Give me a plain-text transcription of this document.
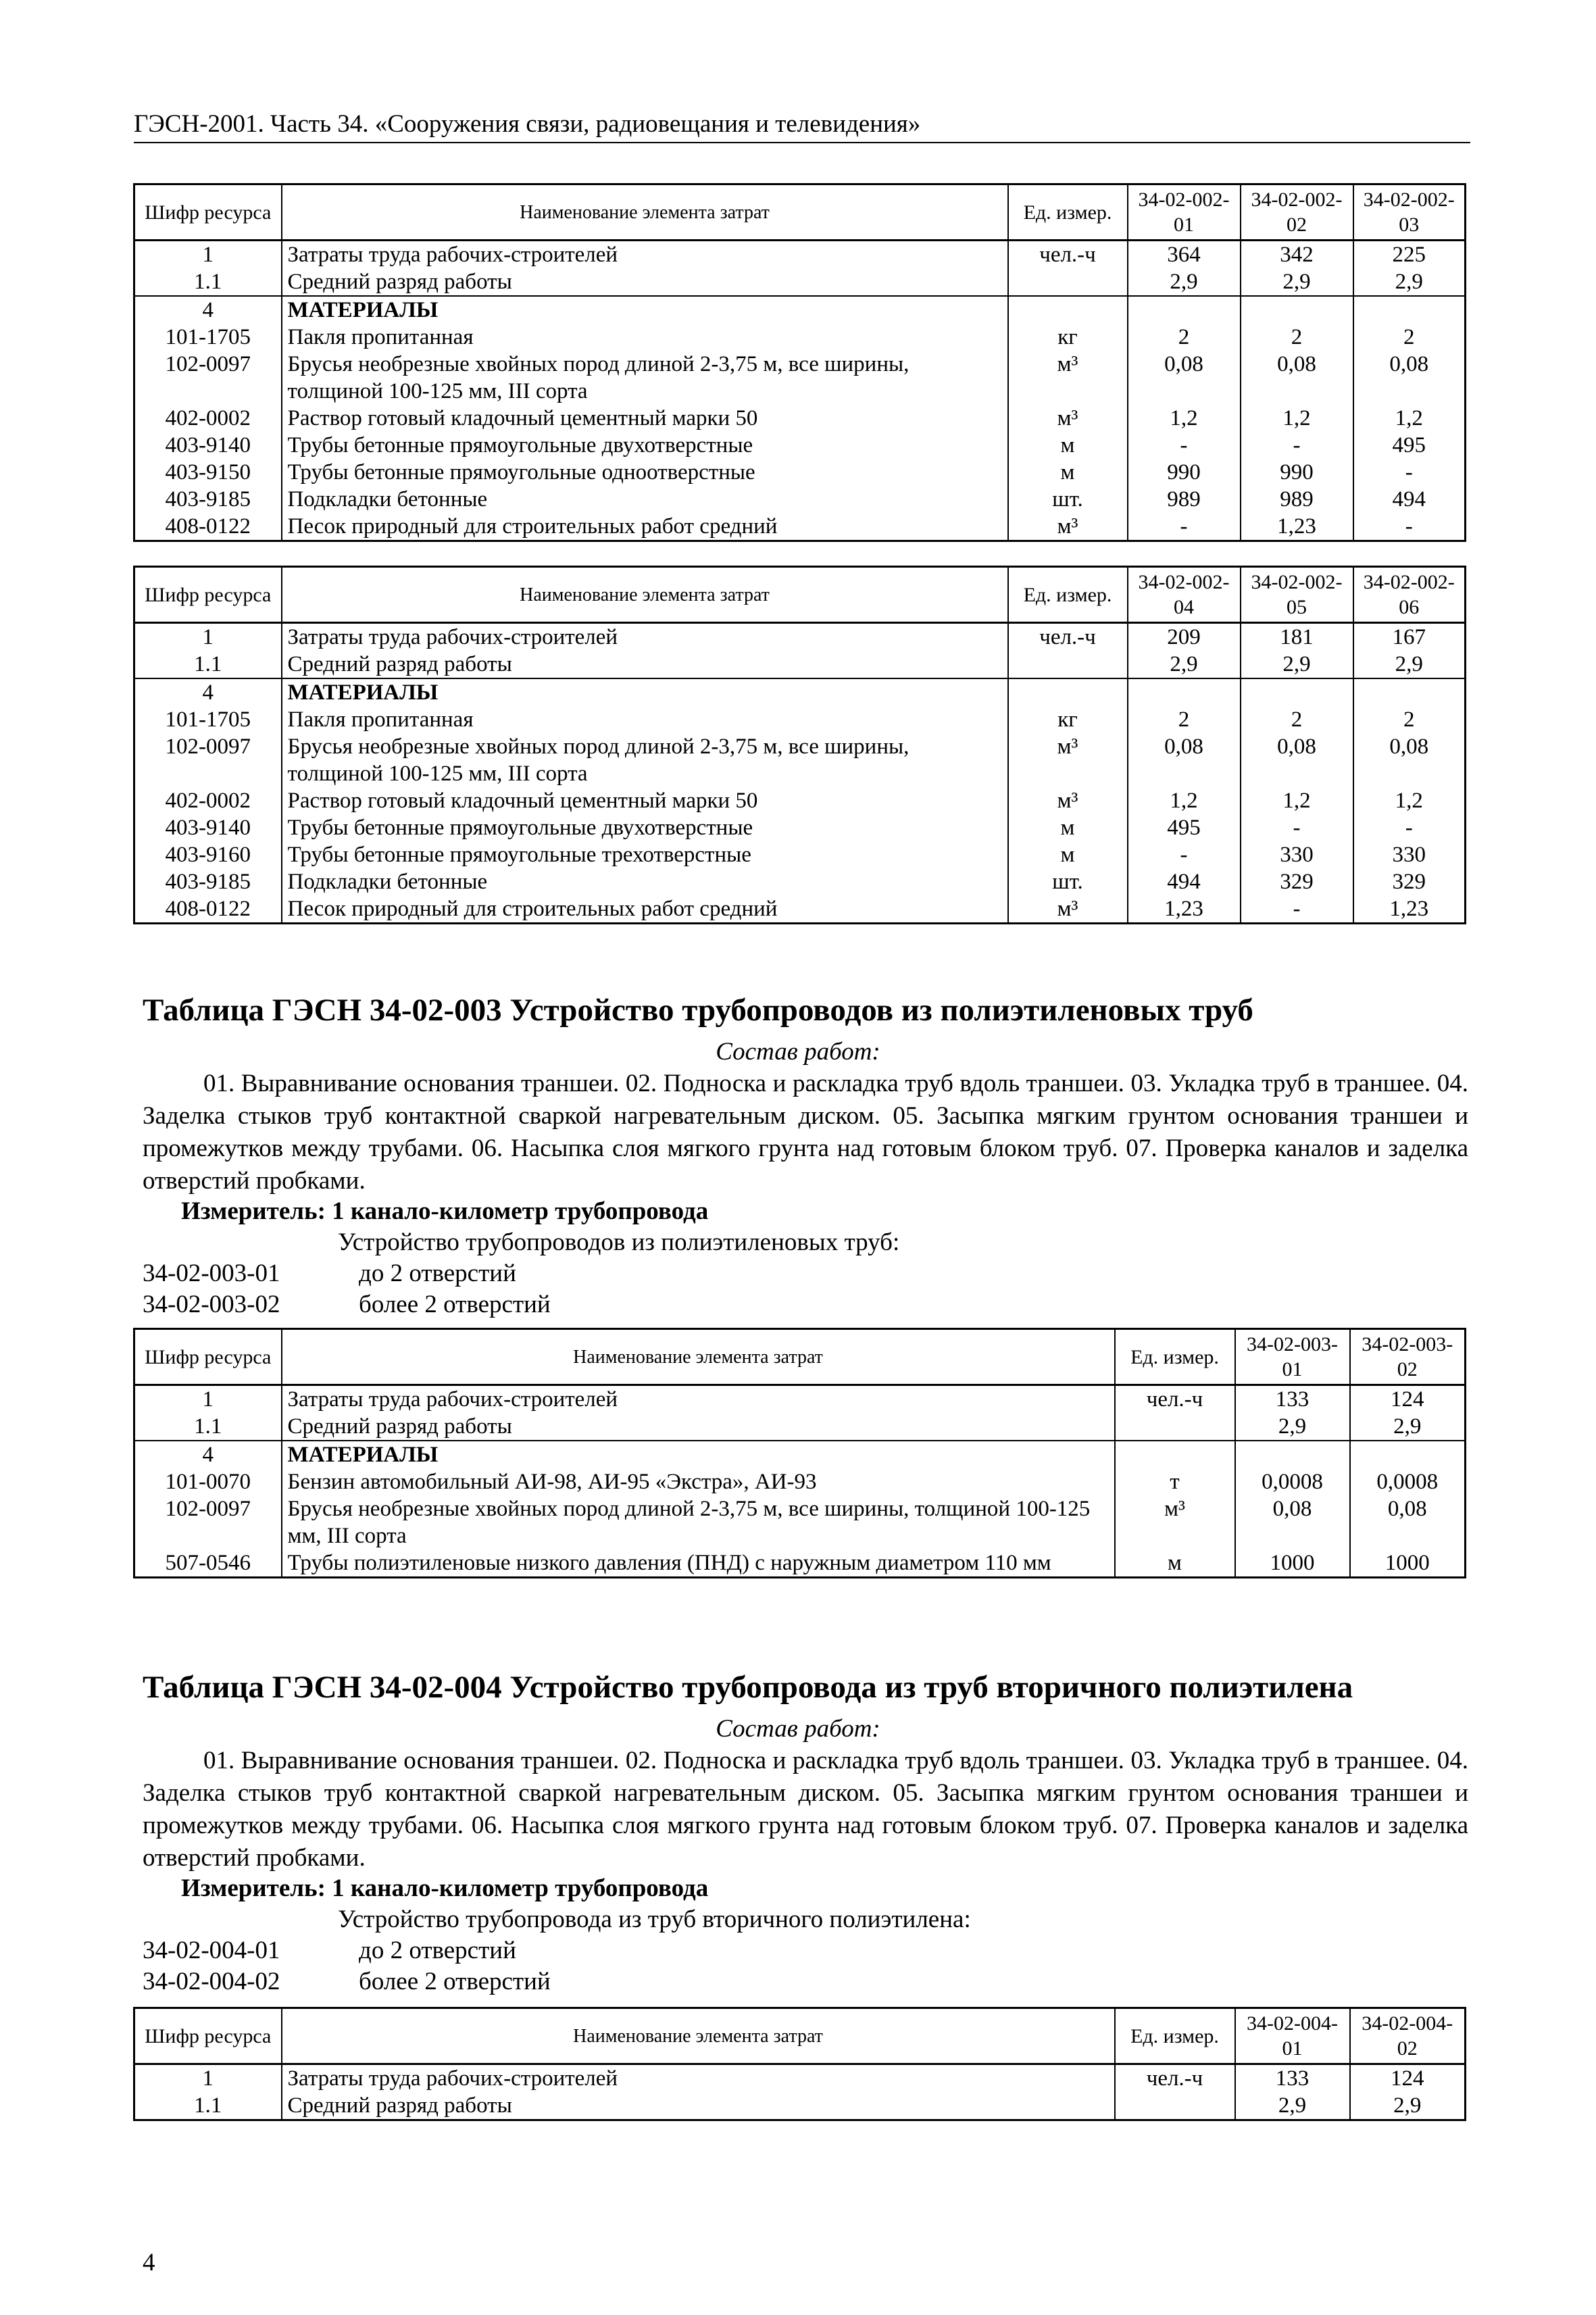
ГЭСН-2001. Часть 34. «Сооружения связи, радиовещания и телевидения»
Шифр ресурса	Наименование элемента затрат	Ед. измер.	34-02-002-01	34-02-002-02	34-02-002-03
1	Затраты труда рабочих-строителей	чел.-ч	364	342	225
1.1	Средний разряд работы		2,9	2,9	2,9
4	МАТЕРИАЛЫ				
101-1705	Пакля пропитанная	кг	2	2	2
102-0097	Брусья необрезные хвойных пород длиной 2-3,75 м, все ширины, толщиной 100-125 мм, III сорта	м³	0,08	0,08	0,08
402-0002	Раствор готовый кладочный цементный марки 50	м³	1,2	1,2	1,2
403-9140	Трубы бетонные прямоугольные двухотверстные	м	-	-	495
403-9150	Трубы бетонные прямоугольные одноотверстные	м	990	990	-
403-9185	Подкладки бетонные	шт.	989	989	494
408-0122	Песок природный для строительных работ средний	м³	-	1,23	-
Шифр ресурса	Наименование элемента затрат	Ед. измер.	34-02-002-04	34-02-002-05	34-02-002-06
1	Затраты труда рабочих-строителей	чел.-ч	209	181	167
1.1	Средний разряд работы		2,9	2,9	2,9
4	МАТЕРИАЛЫ				
101-1705	Пакля пропитанная	кг	2	2	2
102-0097	Брусья необрезные хвойных пород длиной 2-3,75 м, все ширины, толщиной 100-125 мм, III сорта	м³	0,08	0,08	0,08
402-0002	Раствор готовый кладочный цементный марки 50	м³	1,2	1,2	1,2
403-9140	Трубы бетонные прямоугольные двухотверстные	м	495	-	-
403-9160	Трубы бетонные прямоугольные трехотверстные	м	-	330	330
403-9185	Подкладки бетонные	шт.	494	329	329
408-0122	Песок природный для строительных работ средний	м³	1,23	-	1,23
Таблица ГЭСН 34-02-003 Устройство трубопроводов из полиэтиленовых труб
Состав работ:
01. Выравнивание основания траншеи. 02. Подноска и раскладка труб вдоль траншеи. 03. Укладка труб в траншее. 04. Заделка стыков труб контактной сваркой нагревательным диском. 05. Засыпка мягким грунтом основания траншеи и промежутков между трубами. 06. Насыпка слоя мягкого грунта над готовым блоком труб. 07. Проверка каналов и заделка отверстий пробками.
Измеритель: 1 канало-километр трубопровода
Устройство трубопроводов из полиэтиленовых труб:
34-02-003-01	до 2 отверстий
34-02-003-02	более 2 отверстий
Шифр ресурса	Наименование элемента затрат	Ед. измер.	34-02-003-01	34-02-003-02
1	Затраты труда рабочих-строителей	чел.-ч	133	124
1.1	Средний разряд работы		2,9	2,9
4	МАТЕРИАЛЫ			
101-0070	Бензин автомобильный АИ-98, АИ-95 «Экстра», АИ-93	т	0,0008	0,0008
102-0097	Брусья необрезные хвойных пород длиной 2-3,75 м, все ширины, толщиной 100-125 мм, III сорта	м³	0,08	0,08
507-0546	Трубы полиэтиленовые низкого давления (ПНД) с наружным диаметром 110 мм	м	1000	1000
Таблица ГЭСН 34-02-004 Устройство трубопровода из труб вторичного полиэтилена
Состав работ:
01. Выравнивание основания траншеи. 02. Подноска и раскладка труб вдоль траншеи. 03. Укладка труб в траншее. 04. Заделка стыков труб контактной сваркой нагревательным диском. 05. Засыпка мягким грунтом основания траншеи и промежутков между трубами. 06. Насыпка слоя мягкого грунта над готовым блоком труб. 07. Проверка каналов и заделка отверстий пробками.
Измеритель: 1 канало-километр трубопровода
Устройство трубопровода из труб вторичного полиэтилена:
34-02-004-01	до 2 отверстий
34-02-004-02	более 2 отверстий
Шифр ресурса	Наименование элемента затрат	Ед. измер.	34-02-004-01	34-02-004-02
1	Затраты труда рабочих-строителей	чел.-ч	133	124
1.1	Средний разряд работы		2,9	2,9
4
